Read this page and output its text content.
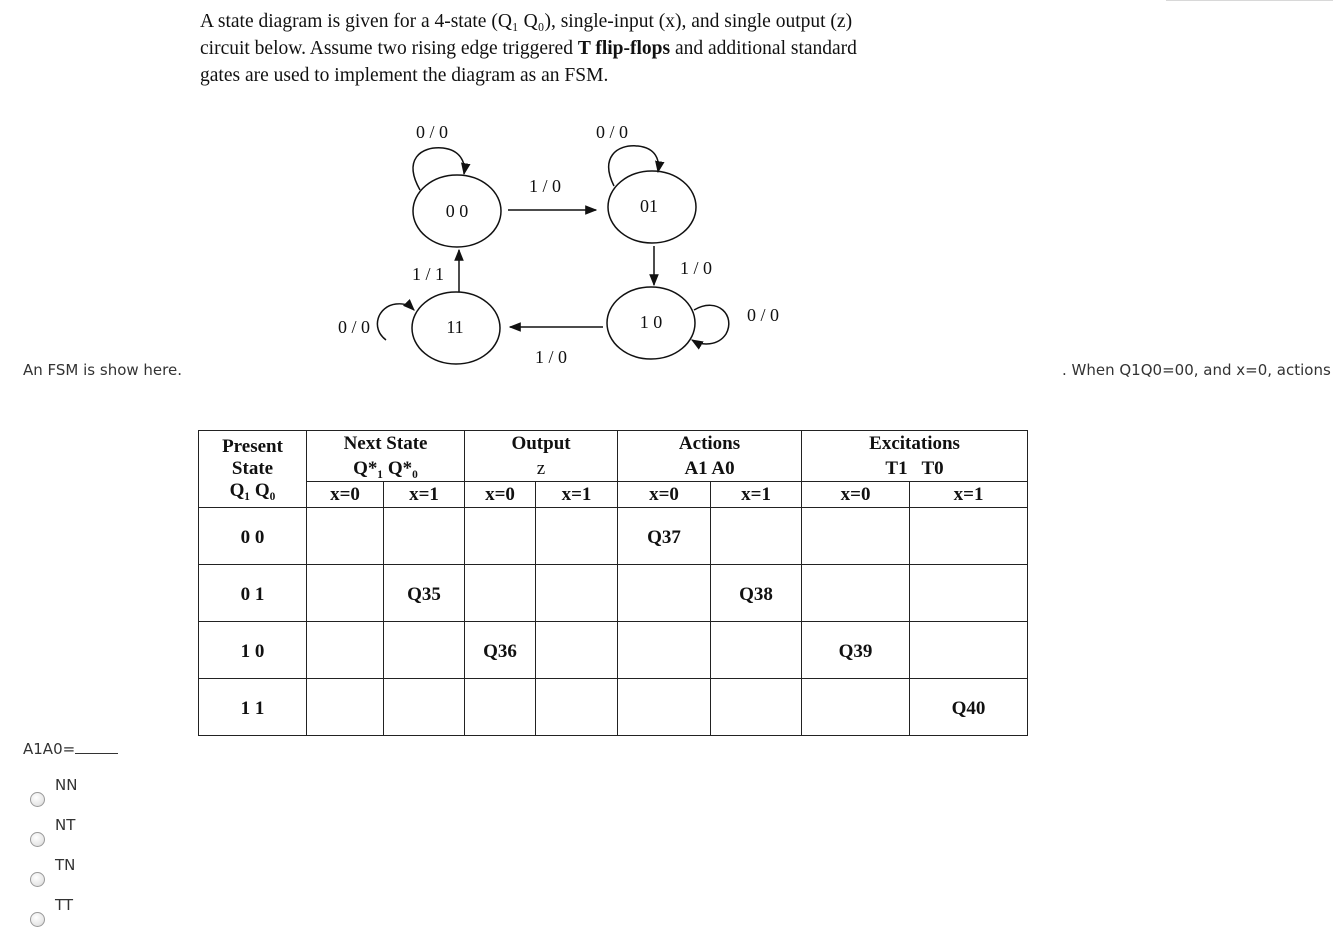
A state diagram is given for a 4-state (Q₁ Q₀), single-input (x), and single output (z)
circuit below. Assume two rising edge triggered T flip-flops and additional standard
gates are used to implement the diagram as an FSM.
0 0	01
1 0
11
0 / 0	0 / 0
1 / 0
1 / 0
0 / 0
1 / 0
0 / 0
1 / 1
Present
State
Q₁ Q₀	Next State		Output		Actions		Excitations	
	Q*₁ Q*₀		z		A1 A0		T1   T0	
	x=0	x=1	x=0	x=1	x=0	x=1	x=0	x=1
0 0					Q37			

0 1		Q35				Q38		

1 0			Q36				Q39	

1 1								Q40
An FSM is show here.	. When Q1Q0=00, and x=0, actions
A1A0=
NN
NT
TN
TT
